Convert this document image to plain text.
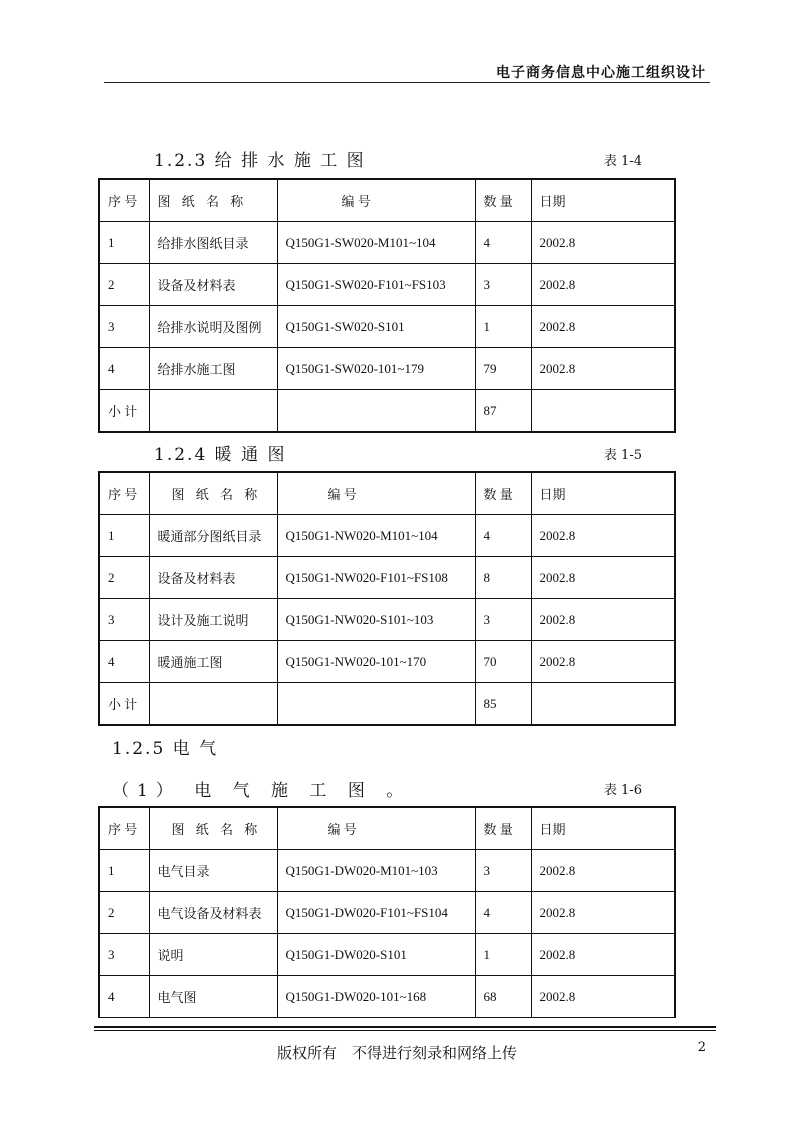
电子商务信息中心施工组织设计
1.2.3 给 排 水 施 工 图	表 1-4
序 号	图 纸 名 称	编 号	数 量	日期
1	给排水图纸目录	Q150G1-SW020-M101~104	4	2002.8
2	设备及材料表	Q150G1-SW020-F101~FS103	3	2002.8
3	给排水说明及图例	Q150G1-SW020-S101	1	2002.8
4	给排水施工图	Q150G1-SW020-101~179	79	2002.8
小 计			87	
1.2.4 暖 通 图	表 1-5
序 号	图 纸 名 称	编 号	数 量	日期
1	暖通部分图纸目录	Q150G1-NW020-M101~104	4	2002.8
2	设备及材料表	Q150G1-NW020-F101~FS108	8	2002.8
3	设计及施工说明	Q150G1-NW020-S101~103	3	2002.8
4	暖通施工图	Q150G1-NW020-101~170	70	2002.8
小 计			85	
1.2.5 电 气
（1） 电 气 施 工 图 。	表 1-6
序 号	图 纸 名 称	编 号	数 量	日期
1	电气目录	Q150G1-DW020-M101~103	3	2002.8
2	电气设备及材料表	Q150G1-DW020-F101~FS104	4	2002.8
3	说明	Q150G1-DW020-S101	1	2002.8
4	电气图	Q150G1-DW020-101~168	68	2002.8
版权所有　不得进行刻录和网络上传	2
